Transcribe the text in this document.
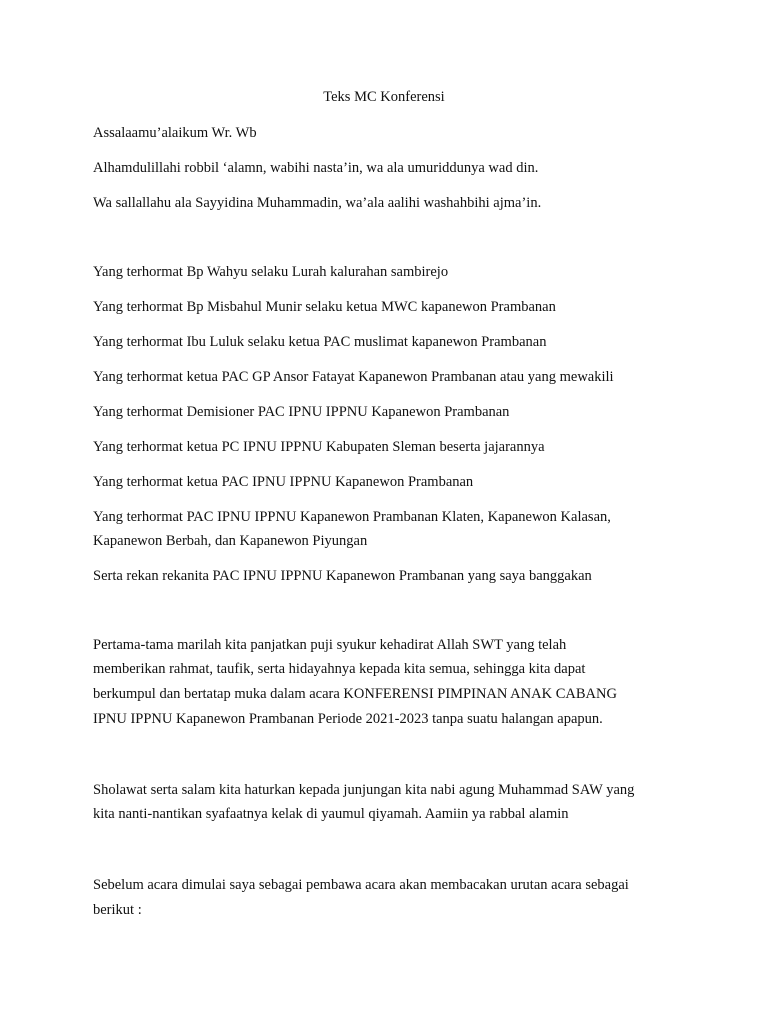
Teks MC Konferensi
Assalaamu’alaikum Wr. Wb
Alhamdulillahi robbil ‘alamn, wabihi nasta’in, wa ala umuriddunya wad din.
Wa sallallahu ala Sayyidina Muhammadin, wa’ala aalihi washahbihi ajma’in.
Yang terhormat Bp Wahyu selaku Lurah kalurahan sambirejo
Yang terhormat Bp Misbahul Munir selaku ketua MWC kapanewon Prambanan
Yang terhormat Ibu Luluk selaku ketua PAC muslimat kapanewon Prambanan
Yang terhormat ketua PAC GP Ansor Fatayat Kapanewon Prambanan atau yang mewakili
Yang terhormat Demisioner PAC IPNU IPPNU Kapanewon Prambanan
Yang terhormat ketua PC IPNU IPPNU Kabupaten Sleman beserta jajarannya
Yang terhormat ketua PAC IPNU IPPNU Kapanewon Prambanan
Yang terhormat PAC IPNU IPPNU Kapanewon Prambanan Klaten, Kapanewon Kalasan,
Kapanewon Berbah, dan Kapanewon Piyungan
Serta rekan rekanita PAC IPNU IPPNU Kapanewon Prambanan yang saya banggakan
Pertama-tama marilah kita panjatkan puji syukur kehadirat Allah SWT yang telah
memberikan rahmat, taufik, serta hidayahnya kepada kita semua, sehingga kita dapat
berkumpul dan bertatap muka dalam acara KONFERENSI PIMPINAN ANAK CABANG
IPNU IPPNU Kapanewon Prambanan Periode 2021-2023 tanpa suatu halangan apapun.
Sholawat serta salam kita haturkan kepada junjungan kita nabi agung Muhammad SAW yang
kita nanti-nantikan syafaatnya kelak di yaumul qiyamah. Aamiin ya rabbal alamin
Sebelum acara dimulai saya sebagai pembawa acara akan membacakan urutan acara sebagai
berikut :
